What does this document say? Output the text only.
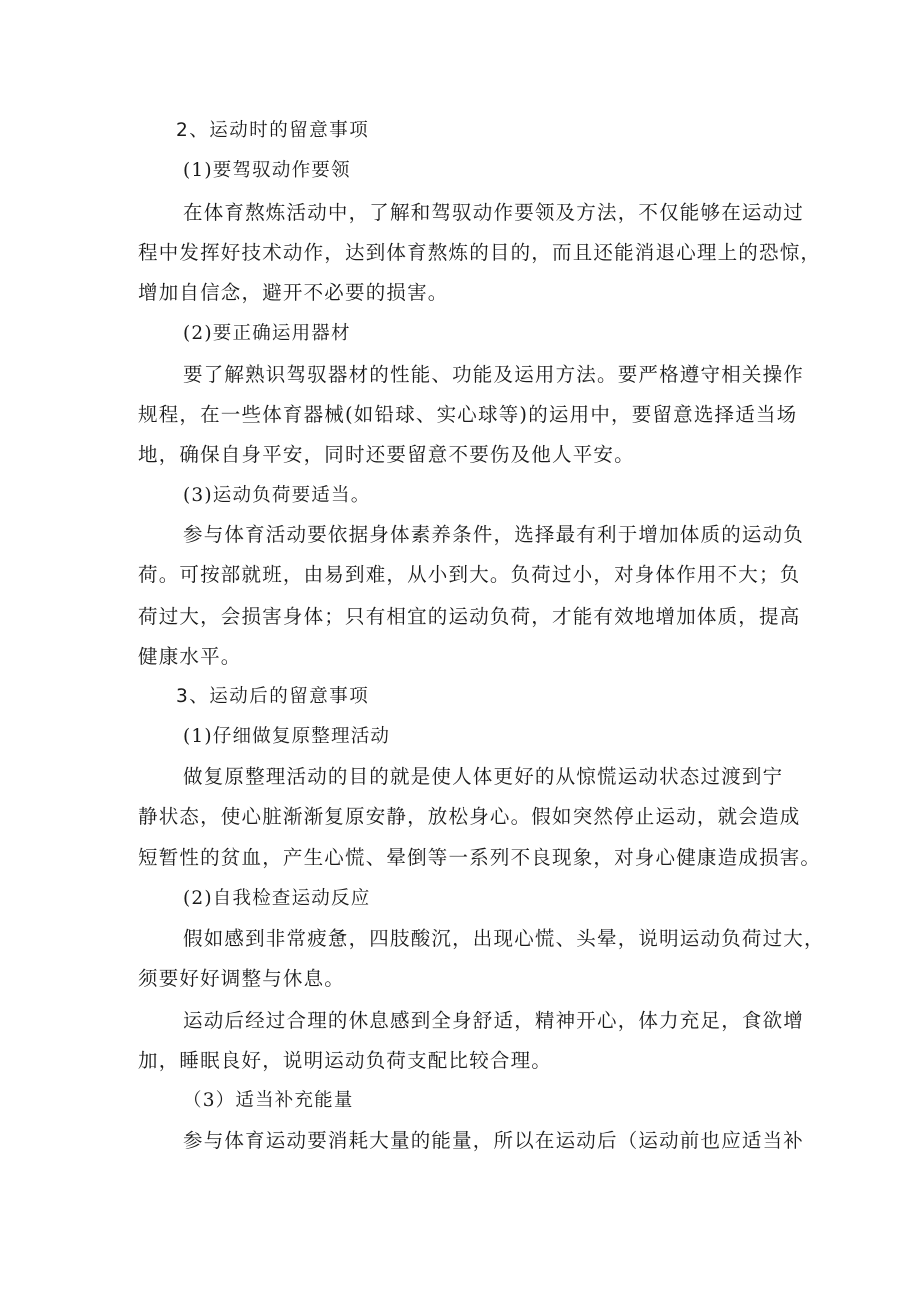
2、运动时的留意事项
(1)要驾驭动作要领
在体育熬炼活动中，了解和驾驭动作要领及方法，不仅能够在运动过
程中发挥好技术动作，达到体育熬炼的目的，而且还能消退心理上的恐惊，
增加自信念，避开不必要的损害。
(2)要正确运用器材
要了解熟识驾驭器材的性能、功能及运用方法。要严格遵守相关操作
规程，在一些体育器械(如铅球、实心球等)的运用中，要留意选择适当场
地，确保自身平安，同时还要留意不要伤及他人平安。
(3)运动负荷要适当。
参与体育活动要依据身体素养条件，选择最有利于增加体质的运动负
荷。可按部就班，由易到难，从小到大。负荷过小，对身体作用不大；负
荷过大，会损害身体；只有相宜的运动负荷，才能有效地增加体质，提高
健康水平。
3、运动后的留意事项
(1)仔细做复原整理活动
做复原整理活动的目的就是使人体更好的从惊慌运动状态过渡到宁
静状态，使心脏渐渐复原安静，放松身心。假如突然停止运动，就会造成
短暂性的贫血，产生心慌、晕倒等一系列不良现象，对身心健康造成损害。
(2)自我检查运动反应
假如感到非常疲惫，四肢酸沉，出现心慌、头晕，说明运动负荷过大，
须要好好调整与休息。
运动后经过合理的休息感到全身舒适，精神开心，体力充足，食欲增
加，睡眠良好，说明运动负荷支配比较合理。
（3）适当补充能量
参与体育运动要消耗大量的能量，所以在运动后（运动前也应适当补
